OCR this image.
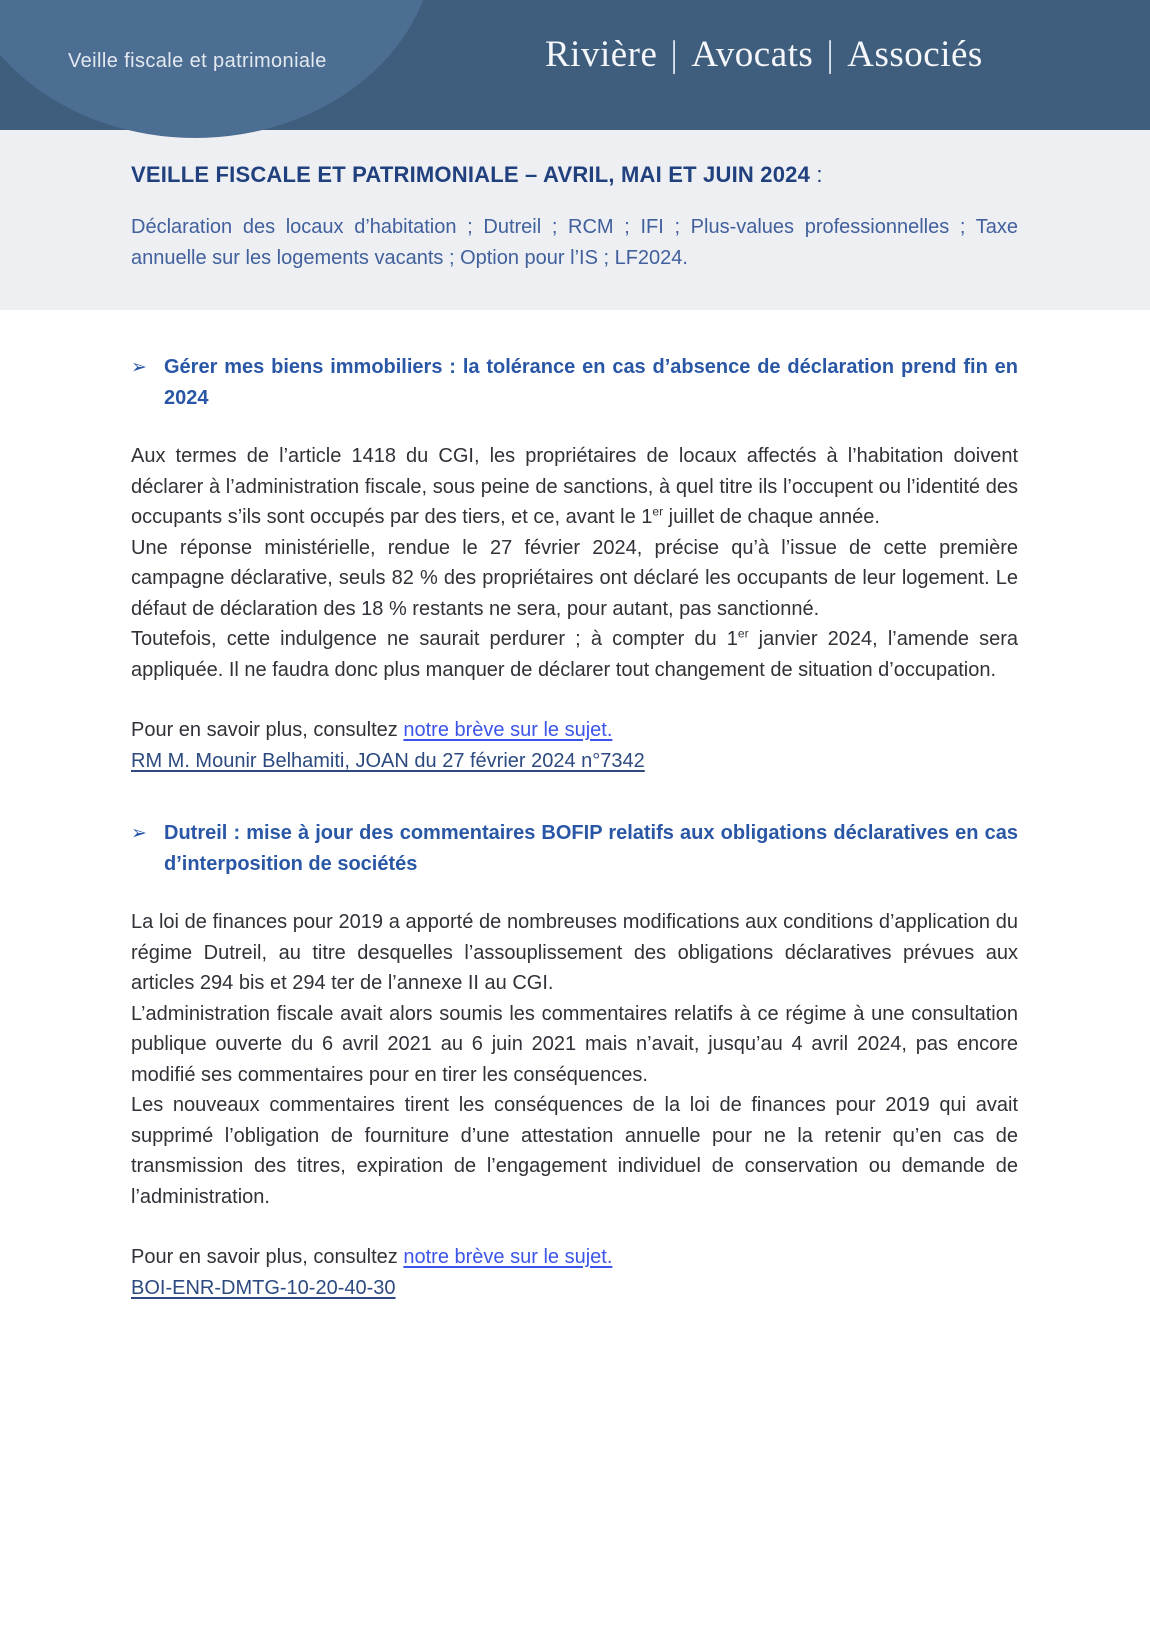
Veille fiscale et patrimoniale	Rivière | Avocats | Associés
VEILLE FISCALE ET PATRIMONIALE – AVRIL, MAI ET JUIN 2024 :

Déclaration des locaux d’habitation ; Dutreil ; RCM ; IFI ; Plus-values professionnelles ; Taxe annuelle sur les logements vacants ; Option pour l’IS ; LF2024.

➢ Gérer mes biens immobiliers : la tolérance en cas d’absence de déclaration prend fin en 2024
Aux termes de l’article 1418 du CGI, les propriétaires de locaux affectés à l’habitation doivent déclarer à l’administration fiscale, sous peine de sanctions, à quel titre ils l’occupent ou l’identité des occupants s’ils sont occupés par des tiers, et ce, avant le 1er juillet de chaque année.
Une réponse ministérielle, rendue le 27 février 2024, précise qu’à l’issue de cette première campagne déclarative, seuls 82 % des propriétaires ont déclaré les occupants de leur logement. Le défaut de déclaration des 18 % restants ne sera, pour autant, pas sanctionné.
Toutefois, cette indulgence ne saurait perdurer ; à compter du 1er janvier 2024, l’amende sera appliquée. Il ne faudra donc plus manquer de déclarer tout changement de situation d’occupation.

Pour en savoir plus, consultez notre brève sur le sujet.

RM M. Mounir Belhamiti, JOAN du 27 février 2024 n°7342

➢ Dutreil : mise à jour des commentaires BOFIP relatifs aux obligations déclaratives en cas d’interposition de sociétés
La loi de finances pour 2019 a apporté de nombreuses modifications aux conditions d’application du régime Dutreil, au titre desquelles l’assouplissement des obligations déclaratives prévues aux articles 294 bis et 294 ter de l’annexe II au CGI.
L’administration fiscale avait alors soumis les commentaires relatifs à ce régime à une consultation publique ouverte du 6 avril 2021 au 6 juin 2021 mais n’avait, jusqu’au 4 avril 2024, pas encore modifié ses commentaires pour en tirer les conséquences.
Les nouveaux commentaires tirent les conséquences de la loi de finances pour 2019 qui avait supprimé l’obligation de fourniture d’une attestation annuelle pour ne la retenir qu’en cas de transmission des titres, expiration de l’engagement individuel de conservation ou demande de l’administration.

Pour en savoir plus, consultez notre brève sur le sujet.

BOI-ENR-DMTG-10-20-40-30
